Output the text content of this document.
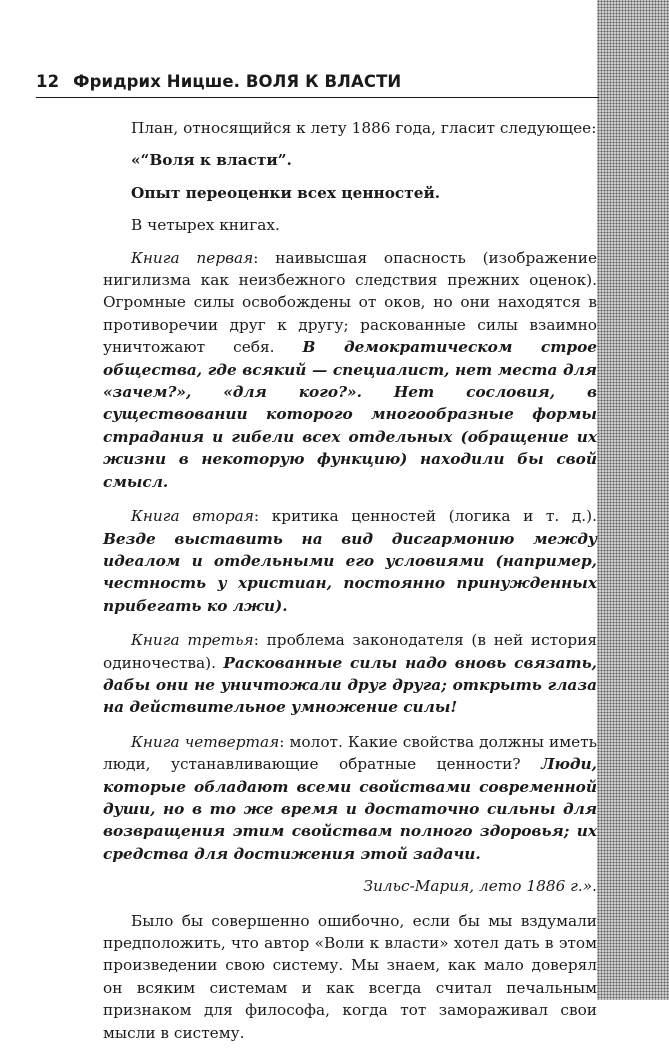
12 Фридрих Ницше. ВОЛЯ К ВЛАСТИ

План, относящийся к лету 1886 года, гласит следующее:

«“Воля к власти”.

Опыт переоценки всех ценностей.

В четырех книгах.

Книга первая: наивысшая опасность (изображение нигилизма как неизбежного следствия прежних оценок). Огромные силы освобождены от оков, но они находятся в противоречии друг к другу; раскованные силы взаимно уничтожают себя. В демократическом строе общества, где всякий — специалист, нет места для «зачем?», «для кого?». Нет сословия, в существовании которого многообразные формы страдания и гибели всех отдельных (обращение их жизни в некоторую функцию) находили бы свой смысл.

Книга вторая: критика ценностей (логика и т. д.). Везде выставить на вид дисгармонию между идеалом и отдельными его условиями (например, честность у христиан, постоянно принужденных прибегать ко лжи).

Книга третья: проблема законодателя (в ней история одиночества). Раскованные силы надо вновь связать, дабы они не уничтожали друг друга; открыть глаза на действительное умножение силы!

Книга четвертая: молот. Какие свойства должны иметь люди, устанавливающие обратные ценности? Люди, которые обладают всеми свойствами современной души, но в то же время и достаточно сильны для возвращения этим свойствам полного здоровья; их средства для достижения этой задачи.

Зильс-Мария, лето 1886 г.».

Было бы совершенно ошибочно, если бы мы вздумали предположить, что автор «Воли к власти» хотел дать в этом произведении свою систему. Мы знаем, как мало доверял он всяким системам и как всегда считал печальным признаком для философа, когда тот замораживал свои мысли в систему.
